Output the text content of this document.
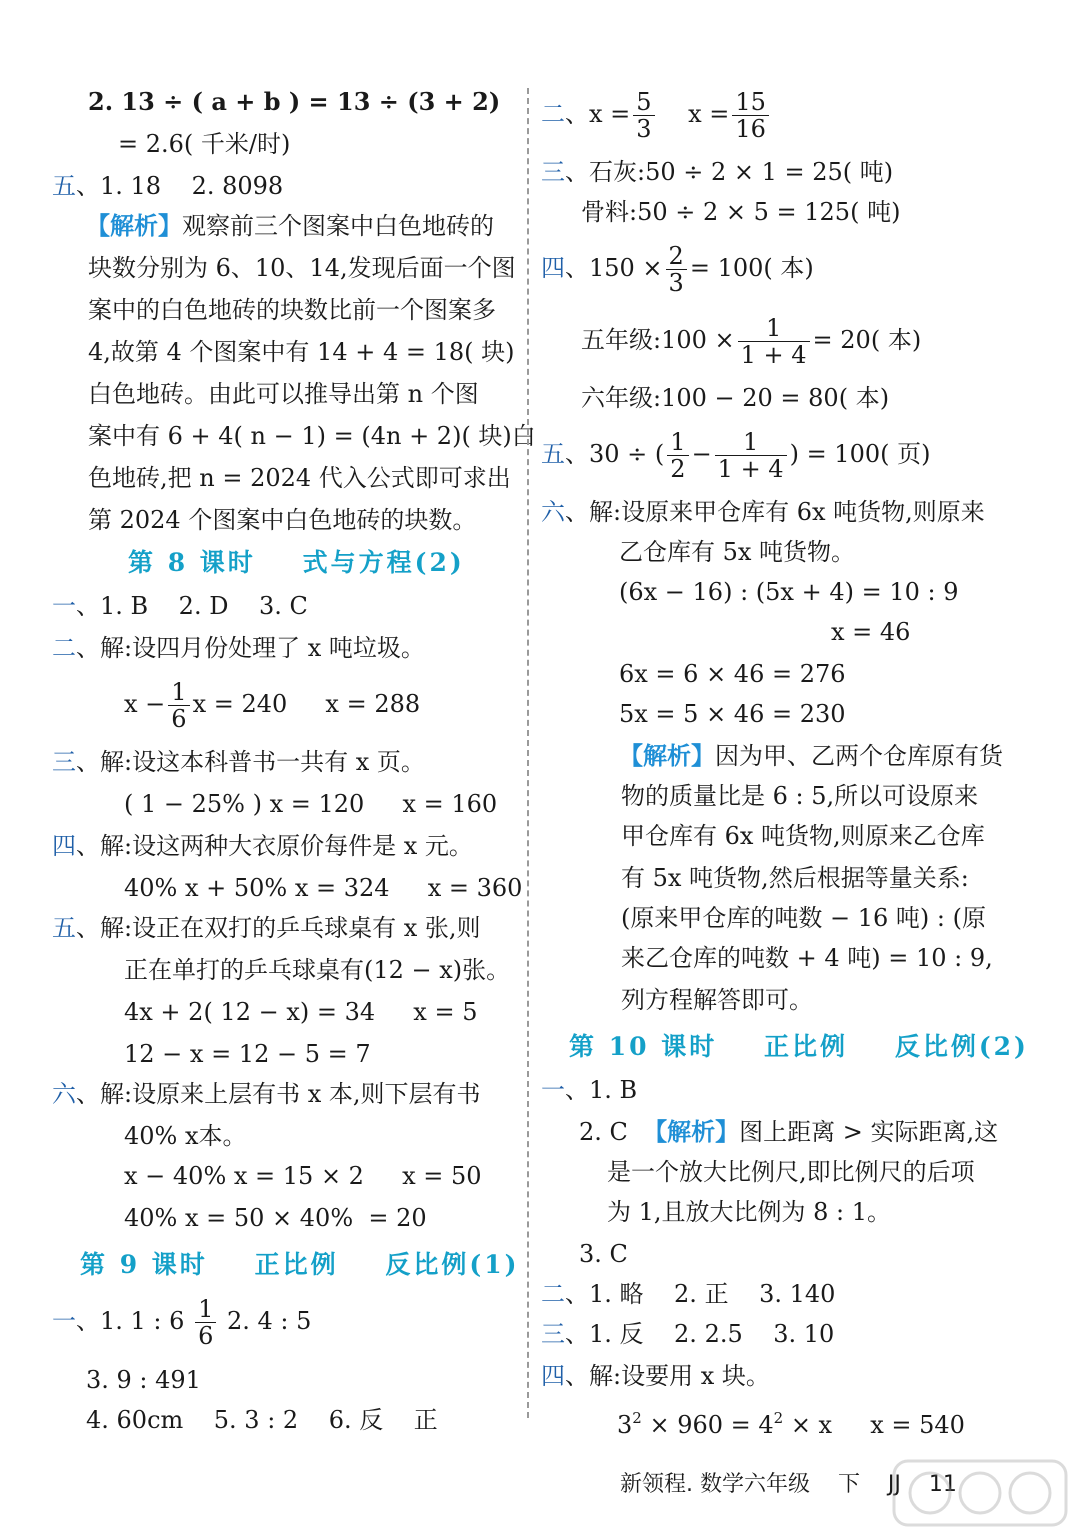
2. 13 ÷ ( a + b ) = 13 ÷ (3 + 2)
= 2.6( 千米/时)
五、1. 18    2. 8098
【解析】观察前三个图案中白色地砖的
块数分别为 6、10、14,发现后面一个图
案中的白色地砖的块数比前一个图案多
4,故第 4 个图案中有 14 + 4 = 18( 块)
白色地砖。由此可以推导出第 n 个图
案中有 6 + 4( n − 1) = (4n + 2)( 块)白
色地砖,把 n = 2024 代入公式即可求出
第 2024 个图案中白色地砖的块数。
第 8 课时    式与方程(2)
一、1. B    2. D    3. C
二、解:设四月份处理了 x 吨垃圾。
$x - \frac{1}{6}$ x = 240     x = 288
三、解:设这本科普书一共有 x 页。
( 1 − 25% ) x = 120     x = 160
四、解:设这两种大衣原价每件是 x 元。
40% x + 50% x = 324     x = 360
五、解:设正在双打的乒乓球桌有 x 张,则
正在单打的乒乓球桌有(12 − x)张。
4x + 2( 12 − x) = 34     x = 5
12 − x = 12 − 5 = 7
六、解:设原来上层有书 x 本,则下层有书
40% x本。
x − 40% x = 15 × 2     x = 50
40% x = 50 × 40%  = 20
第 9 课时    正比例    反比例(1)
一、1. 1 : $6 \frac{1}{6} 2$. 4 : 5
3. 9 : 491
4. 60cm    5. 3 : 2    6. 反    正
二、$x = \frac{5}{3}$ $x = \frac{15}{16}$
三、石灰:50 ÷ 2 × 1 = 25( 吨)
骨料:50 ÷ 2 × 5 = 125( 吨)
四、$150 \times \frac{2}{3} = 100$( 本)
五年级:100 × $\frac{1}{1 + 4} = 20$( 本)
六年级:100 − 20 = 80( 本)
五、30 ÷ ( $\frac{1}{2} - \frac{1}{1 + 4}$ ) = 100( 页)
六、解:设原来甲仓库有 6x 吨货物,则原来
乙仓库有 5x 吨货物。
(6x − 16) : (5x + 4) = 10 : 9
x = 46
6x = 6 × 46 = 276
5x = 5 × 46 = 230
【解析】因为甲、乙两个仓库原有货
物的质量比是 6 : 5,所以可设原来
甲仓库有 6x 吨货物,则原来乙仓库
有 5x 吨货物,然后根据等量关系:
(原来甲仓库的吨数 − 16 吨) : (原
来乙仓库的吨数 + 4 吨) = 10 : 9,
列方程解答即可。
第 10 课时    正比例    反比例(2)
一、1. B
2. C 【解析】图上距离 > 实际距离,这
是一个放大比例尺,即比例尺的后项
为 1,且放大比例为 8 : 1。
3. C
二、1. 略    2. 正    3. 140
三、1. 反    2. 2.5    3. 10
四、解:设要用 x 块。
$3^2 \times 960 = 4^2 \times x$     x = 540
新领程. 数学六年级    下    JJ    11
